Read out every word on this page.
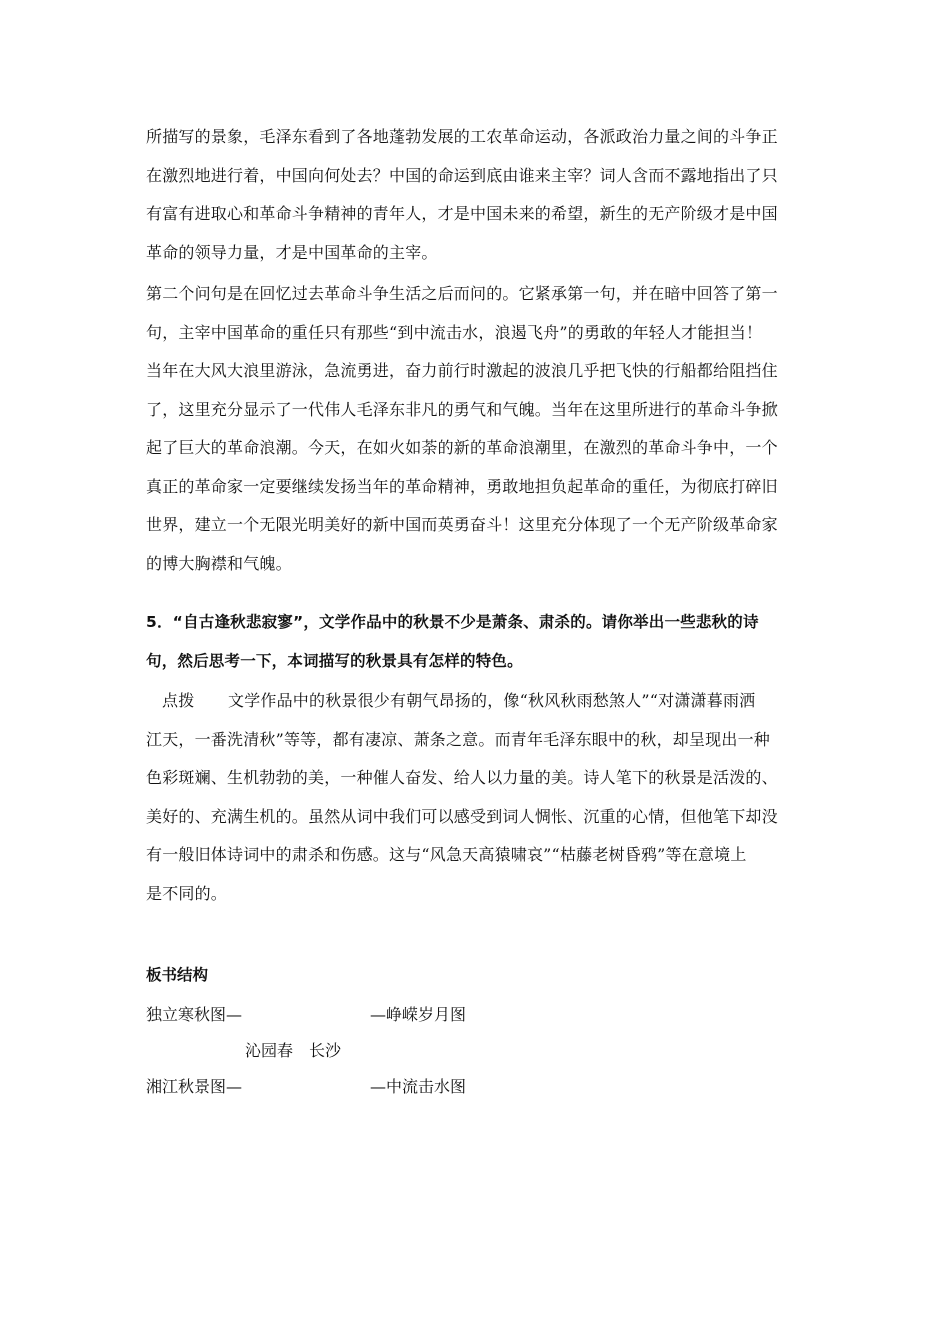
所描写的景象，毛泽东看到了各地蓬勃发展的工农革命运动，各派政治力量之间的斗争正
在激烈地进行着，中国向何处去？中国的命运到底由谁来主宰？词人含而不露地指出了只
有富有进取心和革命斗争精神的青年人，才是中国未来的希望，新生的无产阶级才是中国
革命的领导力量，才是中国革命的主宰。
第二个问句是在回忆过去革命斗争生活之后而问的。它紧承第一句，并在暗中回答了第一
句，主宰中国革命的重任只有那些“到中流击水，浪遏飞舟”的勇敢的年轻人才能担当！
当年在大风大浪里游泳，急流勇进，奋力前行时激起的波浪几乎把飞快的行船都给阻挡住
了，这里充分显示了一代伟人毛泽东非凡的勇气和气魄。当年在这里所进行的革命斗争掀
起了巨大的革命浪潮。今天，在如火如荼的新的革命浪潮里，在激烈的革命斗争中，一个
真正的革命家一定要继续发扬当年的革命精神，勇敢地担负起革命的重任，为彻底打碎旧
世界，建立一个无限光明美好的新中国而英勇奋斗！这里充分体现了一个无产阶级革命家
的博大胸襟和气魄。
5．“自古逢秋悲寂寥”，文学作品中的秋景不少是萧条、肃杀的。请你举出一些悲秋的诗
句，然后思考一下，本词描写的秋景具有怎样的特色。
点拨 文学作品中的秋景很少有朝气昂扬的，像“秋风秋雨愁煞人”“对潇潇暮雨洒
江天，一番洗清秋”等等，都有凄凉、萧条之意。而青年毛泽东眼中的秋，却呈现出一种
色彩斑斓、生机勃勃的美，一种催人奋发、给人以力量的美。诗人笔下的秋景是活泼的、
美好的、充满生机的。虽然从词中我们可以感受到词人惆怅、沉重的心情，但他笔下却没
有一般旧体诗词中的肃杀和伤感。这与“风急天高猿啸哀”“枯藤老树昏鸦”等在意境上
是不同的。
板书结构
独立寒秋图—	—峥嵘岁月图
沁园春　长沙
湘江秋景图—	—中流击水图
